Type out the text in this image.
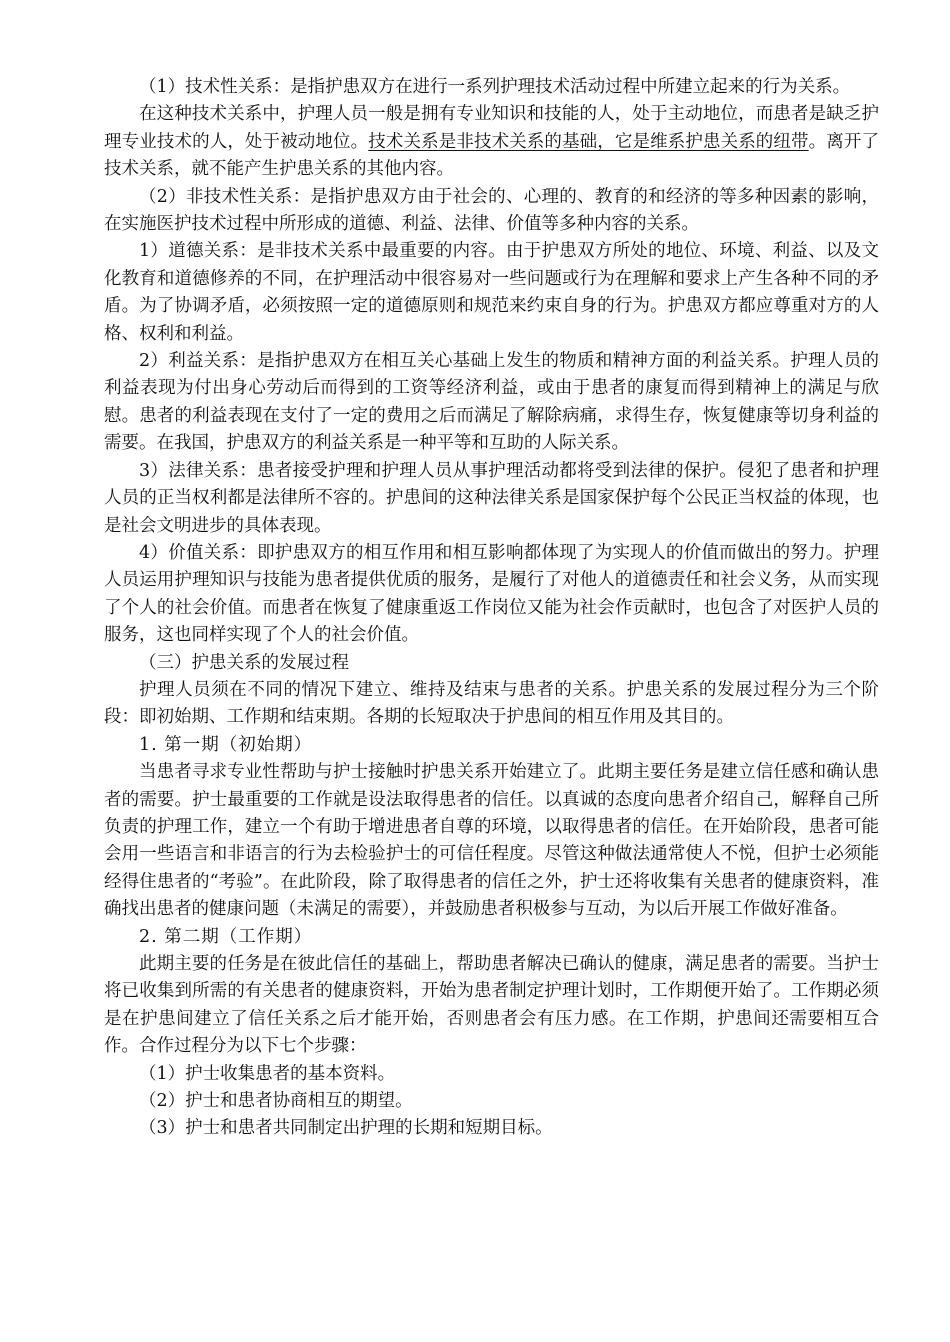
（1）技术性关系：是指护患双方在进行一系列护理技术活动过程中所建立起来的行为关系。

在这种技术关系中，护理人员一般是拥有专业知识和技能的人，处于主动地位，而患者是缺乏护理专业技术的人，处于被动地位。技术关系是非技术关系的基础，它是维系护患关系的纽带。离开了技术关系，就不能产生护患关系的其他内容。

（2）非技术性关系：是指护患双方由于社会的、心理的、教育的和经济的等多种因素的影响，在实施医护技术过程中所形成的道德、利益、法律、价值等多种内容的关系。

1）道德关系：是非技术关系中最重要的内容。由于护患双方所处的地位、环境、利益、以及文化教育和道德修养的不同，在护理活动中很容易对一些问题或行为在理解和要求上产生各种不同的矛盾。为了协调矛盾，必须按照一定的道德原则和规范来约束自身的行为。护患双方都应尊重对方的人格、权利和利益。

2）利益关系：是指护患双方在相互关心基础上发生的物质和精神方面的利益关系。护理人员的利益表现为付出身心劳动后而得到的工资等经济利益，或由于患者的康复而得到精神上的满足与欣慰。患者的利益表现在支付了一定的费用之后而满足了解除病痛，求得生存，恢复健康等切身利益的需要。在我国，护患双方的利益关系是一种平等和互助的人际关系。

3）法律关系：患者接受护理和护理人员从事护理活动都将受到法律的保护。侵犯了患者和护理人员的正当权利都是法律所不容的。护患间的这种法律关系是国家保护每个公民正当权益的体现，也是社会文明进步的具体表现。

4）价值关系：即护患双方的相互作用和相互影响都体现了为实现人的价值而做出的努力。护理人员运用护理知识与技能为患者提供优质的服务，是履行了对他人的道德责任和社会义务，从而实现了个人的社会价值。而患者在恢复了健康重返工作岗位又能为社会作贡献时，也包含了对医护人员的服务，这也同样实现了个人的社会价值。

（三）护患关系的发展过程

护理人员须在不同的情况下建立、维持及结束与患者的关系。护患关系的发展过程分为三个阶段：即初始期、工作期和结束期。各期的长短取决于护患间的相互作用及其目的。

1. 第一期（初始期）

当患者寻求专业性帮助与护士接触时护患关系开始建立了。此期主要任务是建立信任感和确认患者的需要。护士最重要的工作就是设法取得患者的信任。以真诚的态度向患者介绍自己，解释自己所负责的护理工作，建立一个有助于增进患者自尊的环境，以取得患者的信任。在开始阶段，患者可能会用一些语言和非语言的行为去检验护士的可信任程度。尽管这种做法通常使人不悦，但护士必须能经得住患者的“考验”。在此阶段，除了取得患者的信任之外，护士还将收集有关患者的健康资料，准确找出患者的健康问题（未满足的需要），并鼓励患者积极参与互动，为以后开展工作做好准备。

2. 第二期（工作期）

此期主要的任务是在彼此信任的基础上，帮助患者解决已确认的健康，满足患者的需要。当护士将已收集到所需的有关患者的健康资料，开始为患者制定护理计划时，工作期便开始了。工作期必须是在护患间建立了信任关系之后才能开始，否则患者会有压力感。在工作期，护患间还需要相互合作。合作过程分为以下七个步骤：

（1）护士收集患者的基本资料。

（2）护士和患者协商相互的期望。

（3）护士和患者共同制定出护理的长期和短期目标。
